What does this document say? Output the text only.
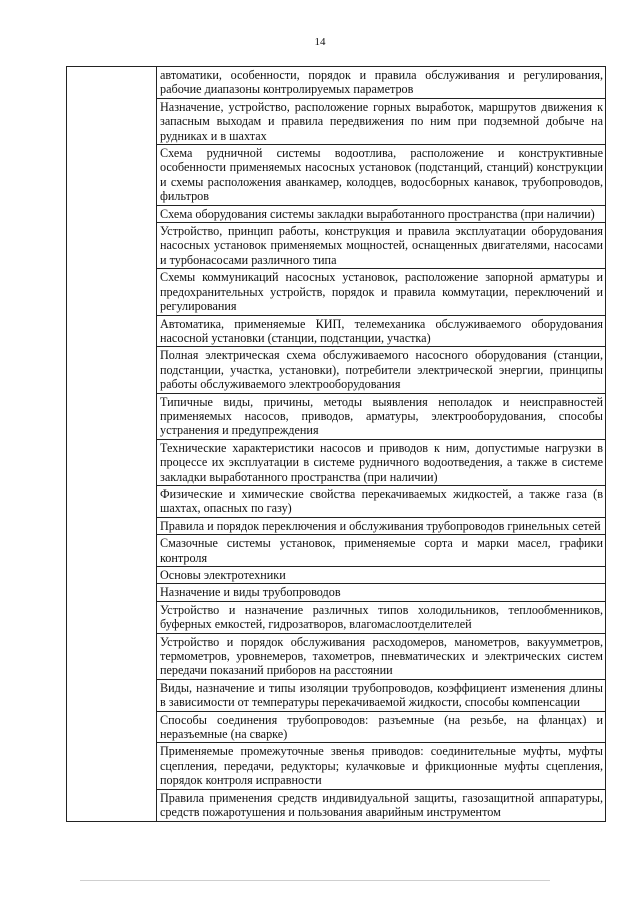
14
	автоматики, особенности, порядок и правила обслуживания и регулирования, рабочие диапазоны контролируемых параметров
Назначение, устройство, расположение горных выработок, маршрутов движения к запасным выходам и правила передвижения по ним при подземной добыче на рудниках и в шахтах
Схема рудничной системы водоотлива, расположение и конструктивные особенности применяемых насосных установок (подстанций, станций) конструкции и схемы расположения аванкамер, колодцев, водосборных канавок, трубопроводов, фильтров
Схема оборудования системы закладки выработанного пространства (при наличии)
Устройство, принцип работы, конструкция и правила эксплуатации оборудования насосных установок применяемых мощностей, оснащенных двигателями, насосами и турбонасосами различного типа
Схемы коммуникаций насосных установок, расположение запорной арматуры и предохранительных устройств, порядок и правила коммутации, переключений и регулирования
Автоматика, применяемые КИП, телемеханика обслуживаемого оборудования насосной установки (станции, подстанции, участка)
Полная электрическая схема обслуживаемого насосного оборудования (станции, подстанции, участка, установки), потребители электрической энергии, принципы работы обслуживаемого электрооборудования
Типичные виды, причины, методы выявления неполадок и неисправностей применяемых насосов, приводов, арматуры, электрооборудования, способы устранения и предупреждения
Технические характеристики насосов и приводов к ним, допустимые нагрузки в процессе их эксплуатации в системе рудничного водоотведения, а также в системе закладки выработанного пространства (при наличии)
Физические и химические свойства перекачиваемых жидкостей, а также газа (в шахтах, опасных по газу)
Правила и порядок переключения и обслуживания трубопроводов гринельных сетей
Смазочные системы установок, применяемые сорта и марки масел, графики контроля
Основы электротехники
Назначение и виды трубопроводов
Устройство и назначение различных типов холодильников, теплообменников, буферных емкостей, гидрозатворов, влагомаслоотделителей
Устройство и порядок обслуживания расходомеров, манометров, вакуумметров, термометров, уровнемеров, тахометров, пневматических и электрических систем передачи показаний приборов на расстоянии
Виды, назначение и типы изоляции трубопроводов, коэффициент изменения длины в зависимости от температуры перекачиваемой жидкости, способы компенсации
Способы соединения трубопроводов: разъемные (на резьбе, на фланцах) и неразъемные (на сварке)
Применяемые промежуточные звенья приводов: соединительные муфты, муфты сцепления, передачи, редукторы; кулачковые и фрикционные муфты сцепления, порядок контроля исправности
Правила применения средств индивидуальной защиты, газозащитной аппаратуры, средств пожаротушения и пользования аварийным инструментом
